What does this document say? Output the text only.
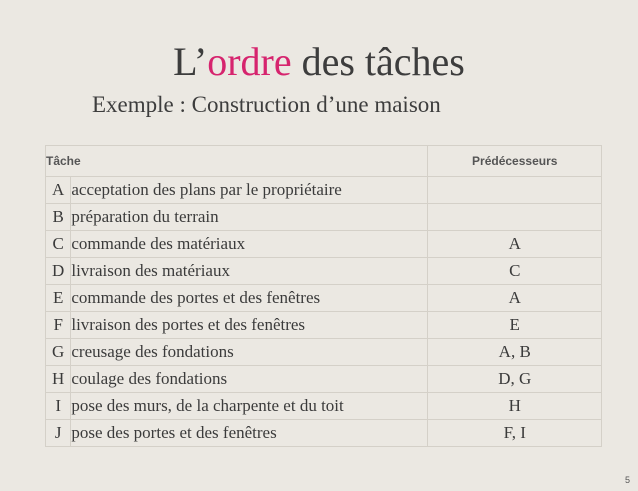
L’ordre des tâches
Exemple : Construction d’une maison
Tâche		Prédécesseurs
A	acceptation des plans par le propriétaire	
B	préparation du terrain	
C	commande des matériaux	A
D	livraison des matériaux	C
E	commande des portes et des fenêtres	A
F	livraison des portes et des fenêtres	E
G	creusage des fondations	A, B
H	coulage des fondations	D, G
I	pose des murs, de la charpente et du toit	H
J	pose des portes et des fenêtres	F, I
5
